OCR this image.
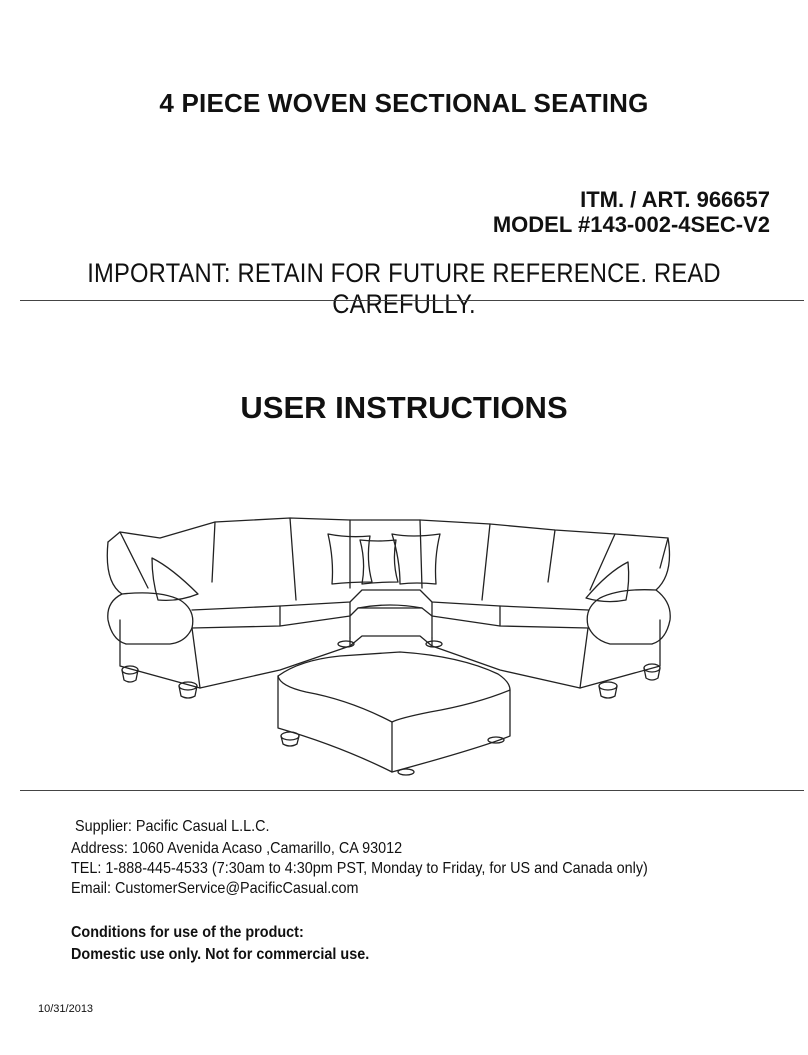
4 PIECE WOVEN SECTIONAL SEATING
ITM. / ART. 966657
MODEL #143-002-4SEC-V2
IMPORTANT: RETAIN FOR FUTURE REFERENCE. READ CAREFULLY.
USER INSTRUCTIONS
Supplier: Pacific Casual L.L.C.
Address: 1060 Avenida Acaso ,Camarillo, CA 93012
TEL: 1-888-445-4533 (7:30am to 4:30pm PST, Monday to Friday, for US and Canada only)
Email: CustomerService@PacificCasual.com
Conditions for use of the product:
Domestic use only. Not for commercial use.
10/31/2013
